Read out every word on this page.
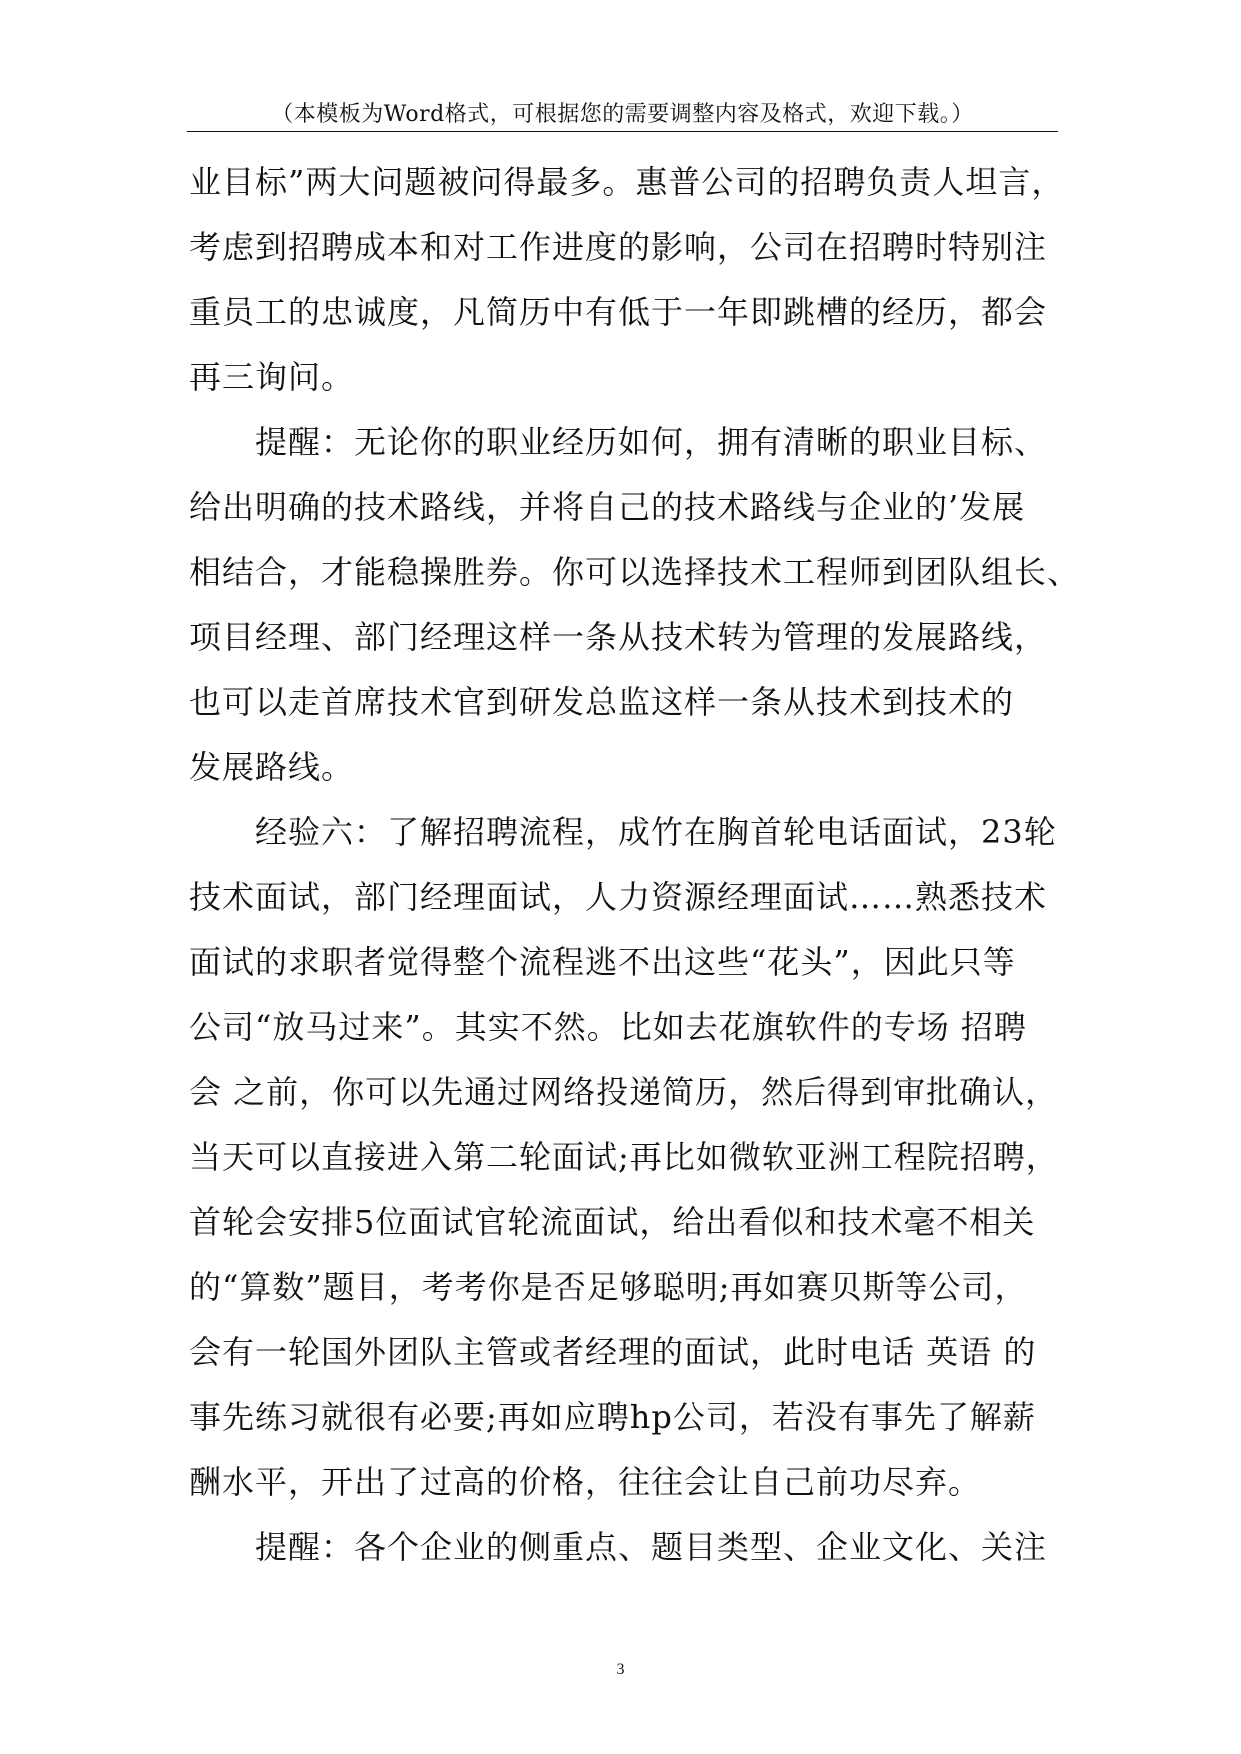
（本模板为Word格式，可根据您的需要调整内容及格式，欢迎下载。）
业目标”两大问题被问得最多。惠普公司的招聘负责人坦言，
考虑到招聘成本和对工作进度的影响，公司在招聘时特别注
重员工的忠诚度，凡简历中有低于一年即跳槽的经历，都会
再三询问。
提醒：无论你的职业经历如何，拥有清晰的职业目标、
给出明确的技术路线，并将自己的技术路线与企业的’发展
相结合，才能稳操胜券。你可以选择技术工程师到团队组长、
项目经理、部门经理这样一条从技术转为管理的发展路线，
也可以走首席技术官到研发总监这样一条从技术到技术的
发展路线。
经验六：了解招聘流程，成竹在胸首轮电话面试，23轮
技术面试，部门经理面试，人力资源经理面试……熟悉技术
面试的求职者觉得整个流程逃不出这些“花头”，因此只等
公司“放马过来”。其实不然。比如去花旗软件的专场 招聘
会 之前，你可以先通过网络投递简历，然后得到审批确认，
当天可以直接进入第二轮面试;再比如微软亚洲工程院招聘，
首轮会安排5位面试官轮流面试，给出看似和技术毫不相关
的“算数”题目，考考你是否足够聪明;再如赛贝斯等公司，
会有一轮国外团队主管或者经理的面试，此时电话 英语 的
事先练习就很有必要;再如应聘hp公司，若没有事先了解薪
酬水平，开出了过高的价格，往往会让自己前功尽弃。
提醒：各个企业的侧重点、题目类型、企业文化、关注
3
